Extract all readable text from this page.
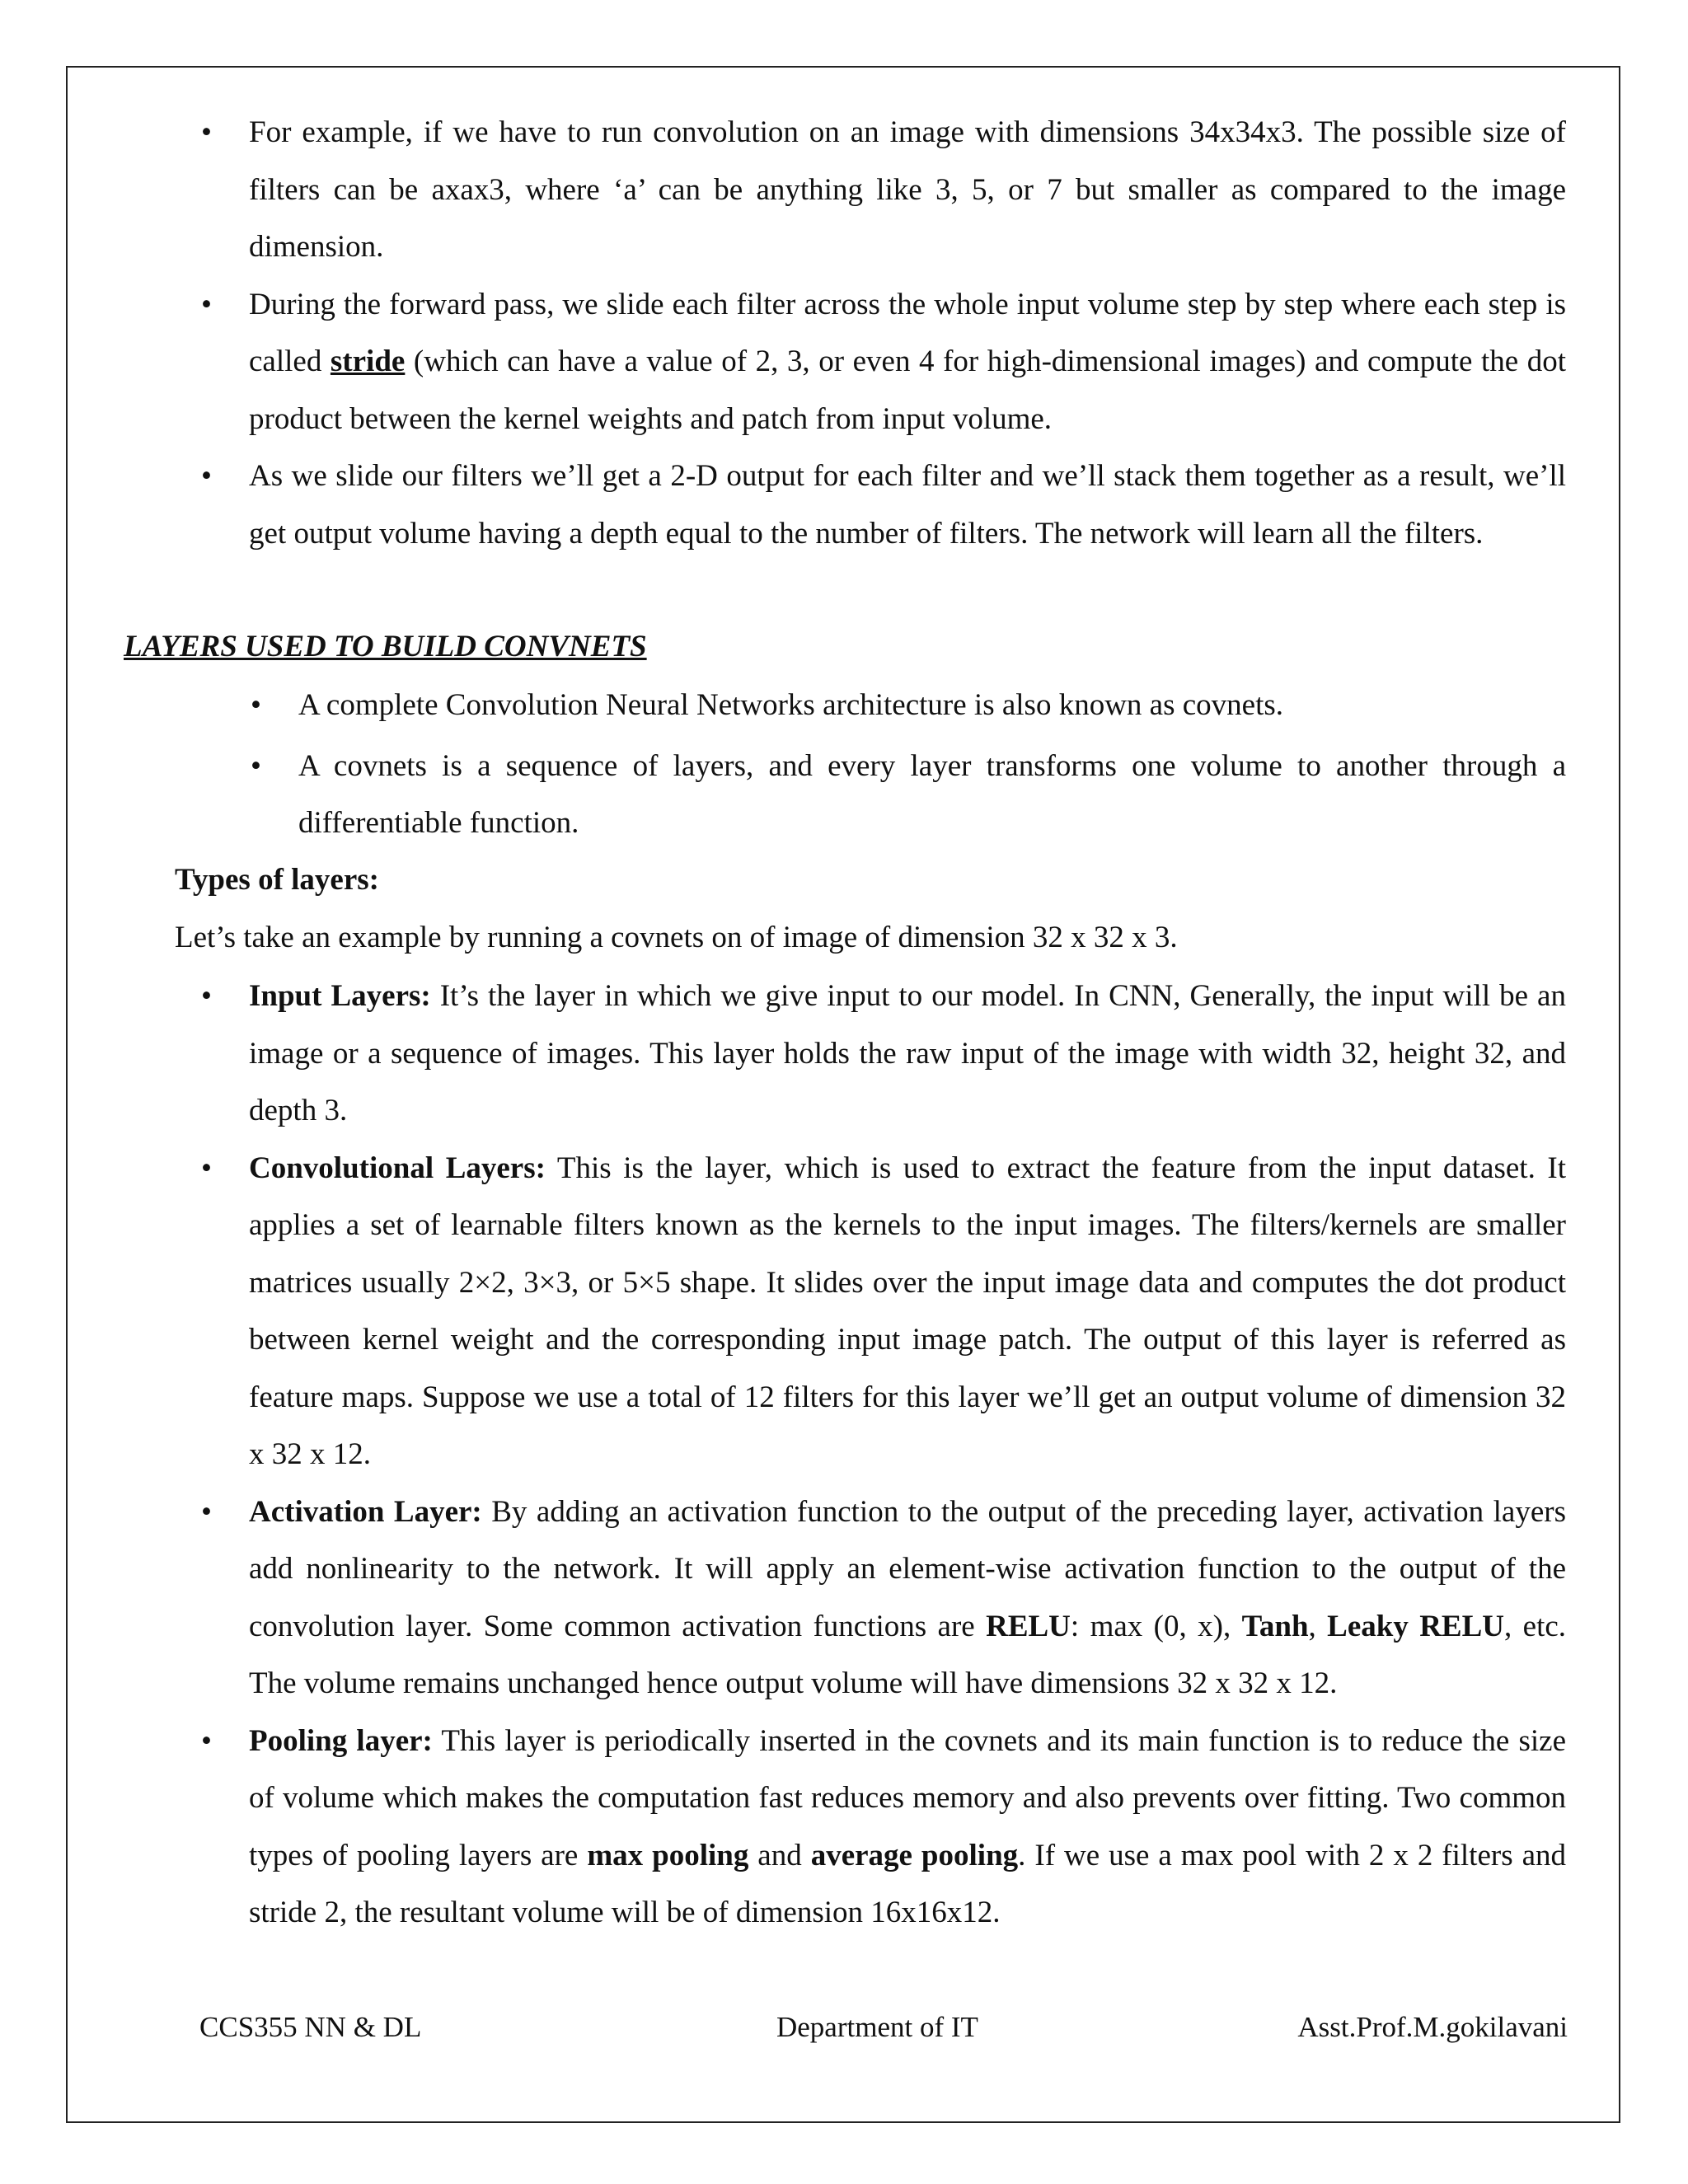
• For example, if we have to run convolution on an image with dimensions 34x34x3. The possible size of filters can be axax3, where ‘a’ can be anything like 3, 5, or 7 but smaller as compared to the image dimension.
• During the forward pass, we slide each filter across the whole input volume step by step where each step is called stride (which can have a value of 2, 3, or even 4 for high-dimensional images) and compute the dot product between the kernel weights and patch from input volume.
• As we slide our filters we’ll get a 2-D output for each filter and we’ll stack them together as a result, we’ll get output volume having a depth equal to the number of filters. The network will learn all the filters.
LAYERS USED TO BUILD CONVNETS
• A complete Convolution Neural Networks architecture is also known as covnets.
• A covnets is a sequence of layers, and every layer transforms one volume to another through a differentiable function.
Types of layers:
Let’s take an example by running a covnets on of image of dimension 32 x 32 x 3.
• Input Layers: It’s the layer in which we give input to our model. In CNN, Generally, the input will be an image or a sequence of images. This layer holds the raw input of the image with width 32, height 32, and depth 3.
• Convolutional Layers: This is the layer, which is used to extract the feature from the input dataset. It applies a set of learnable filters known as the kernels to the input images. The filters/kernels are smaller matrices usually 2×2, 3×3, or 5×5 shape. It slides over the input image data and computes the dot product between kernel weight and the corresponding input image patch. The output of this layer is referred as feature maps. Suppose we use a total of 12 filters for this layer we’ll get an output volume of dimension 32 x 32 x 12.
• Activation Layer: By adding an activation function to the output of the preceding layer, activation layers add nonlinearity to the network. It will apply an element-wise activation function to the output of the convolution layer. Some common activation functions are RELU: max (0, x), Tanh, Leaky RELU, etc. The volume remains unchanged hence output volume will have dimensions 32 x 32 x 12.
• Pooling layer: This layer is periodically inserted in the covnets and its main function is to reduce the size of volume which makes the computation fast reduces memory and also prevents over fitting. Two common types of pooling layers are max pooling and average pooling. If we use a max pool with 2 x 2 filters and stride 2, the resultant volume will be of dimension 16x16x12.
CCS355 NN & DL	Department of IT	Asst.Prof.M.gokilavani
